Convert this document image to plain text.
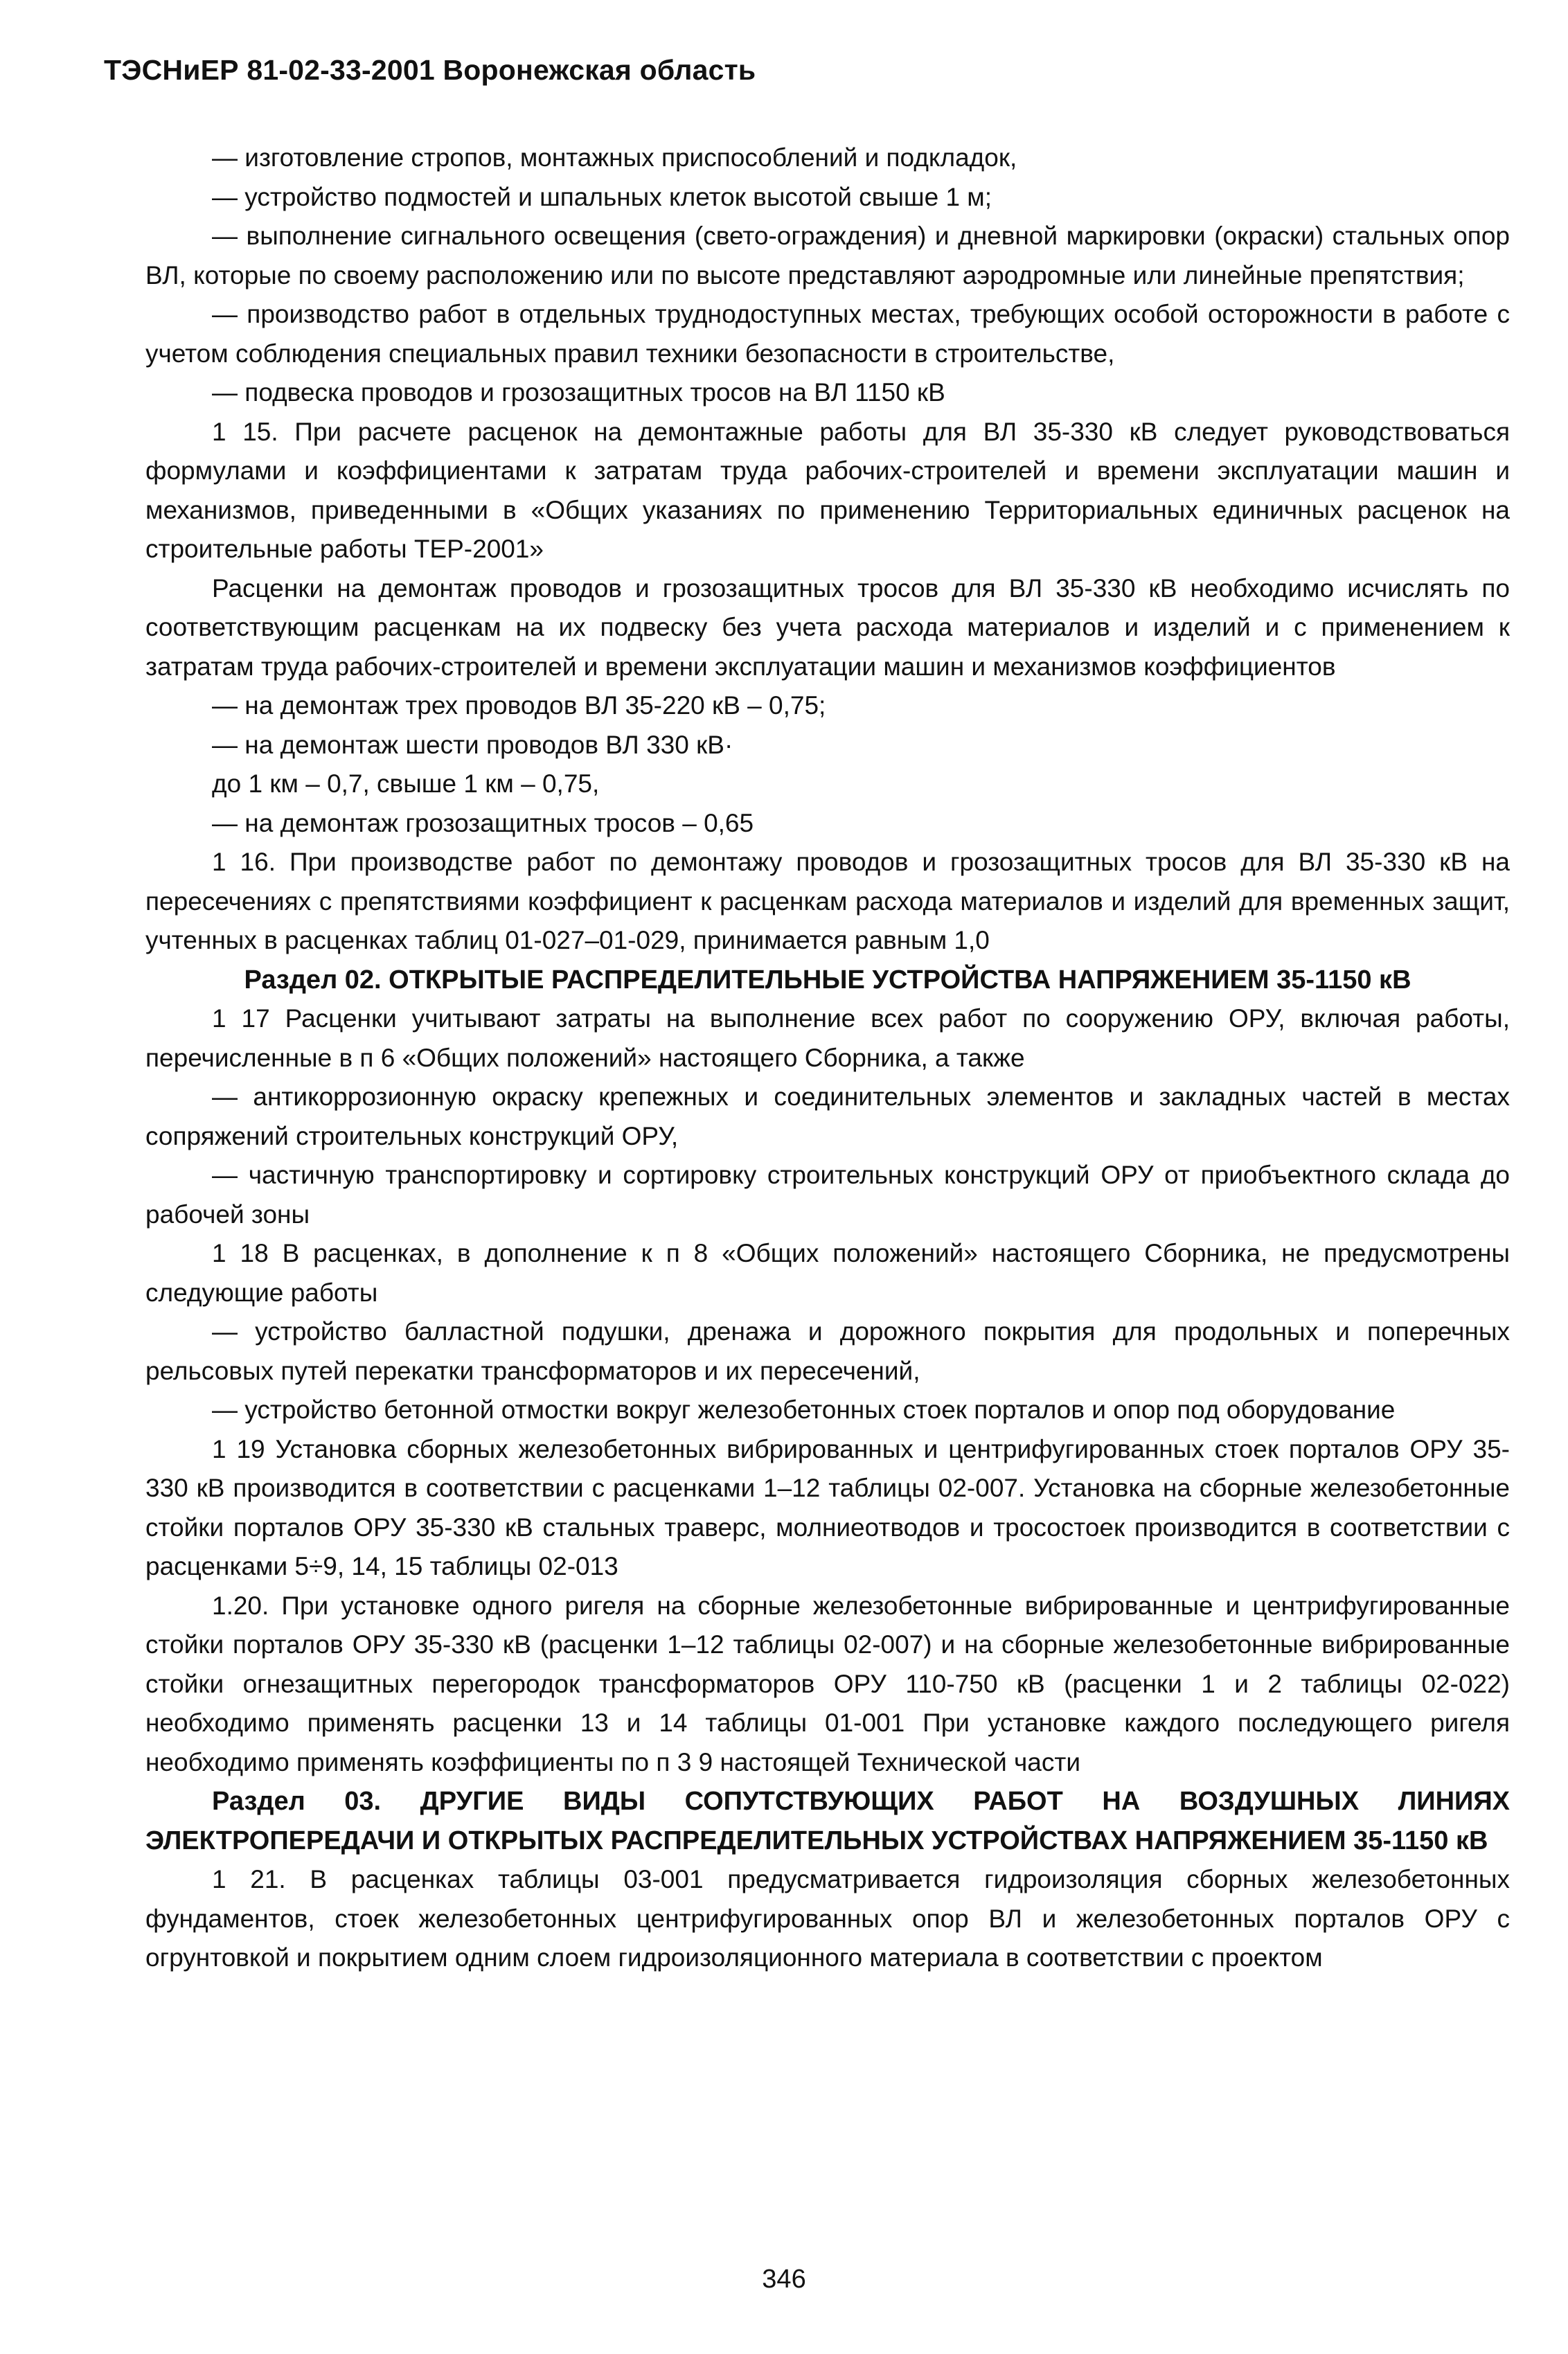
ТЭСНиЕР 81-02-33-2001 Воронежская область

— изготовление стропов, монтажных приспособлений и подкладок,

— устройство подмостей и шпальных клеток высотой свыше 1 м;

— выполнение сигнального освещения (свето-ограждения) и дневной маркировки (окраски) стальных опор ВЛ, которые по своему расположению или по высоте представляют аэродромные или линейные препятствия;

— производство работ в отдельных труднодоступных местах, требующих особой осторожности в работе с учетом соблюдения специальных правил техники безопасности в строительстве,

— подвеска проводов и грозозащитных тросов на ВЛ 1150 кВ

1 15. При расчете расценок на демонтажные работы для ВЛ 35-330 кВ следует руководствоваться формулами и коэффициентами к затратам труда рабочих-строителей и времени эксплуатации машин и механизмов, приведенными в «Общих указаниях по применению Территориальных единичных расценок на строительные работы ТЕР-2001»

Расценки на демонтаж проводов и грозозащитных тросов для ВЛ 35-330 кВ необходимо исчислять по соответствующим расценкам на их подвеску без учета расхода материалов и изделий и с применением к затратам труда рабочих-строителей и времени эксплуатации машин и механизмов коэффициентов

— на демонтаж трех проводов ВЛ 35-220 кВ – 0,75;

— на демонтаж шести проводов ВЛ 330 кВ·

до 1 км – 0,7, свыше 1 км – 0,75,

— на демонтаж грозозащитных тросов – 0,65

1 16. При производстве работ по демонтажу проводов и грозозащитных тросов для ВЛ 35-330 кВ на пересечениях с препятствиями коэффициент к расценкам расхода материалов и изделий для временных защит, учтенных в расценках таблиц 01-027–01-029, принимается равным 1,0

Раздел 02. ОТКРЫТЫЕ РАСПРЕДЕЛИТЕЛЬНЫЕ УСТРОЙСТВА НАПРЯЖЕНИЕМ 35-1150 кВ

1 17 Расценки учитывают затраты на выполнение всех работ по сооружению ОРУ, включая работы, перечисленные в п 6 «Общих положений» настоящего Сборника, а также

— антикоррозионную окраску крепежных и соединительных элементов и закладных частей в местах сопряжений строительных конструкций ОРУ,

— частичную транспортировку и сортировку строительных конструкций ОРУ от приобъектного склада до рабочей зоны

1 18 В расценках, в дополнение к п 8 «Общих положений» настоящего Сборника, не предусмотрены следующие работы

— устройство балластной подушки, дренажа и дорожного покрытия для продольных и поперечных рельсовых путей перекатки трансформаторов и их пересечений,

— устройство бетонной отмостки вокруг железобетонных стоек порталов и опор под оборудование

1 19 Установка сборных железобетонных вибрированных и центрифугированных стоек порталов ОРУ 35-330 кВ производится в соответствии с расценками 1–12 таблицы 02-007. Установка на сборные железобетонные стойки порталов ОРУ 35-330 кВ стальных траверс, молниеотводов и тросостоек производится в соответствии с расценками 5÷9, 14, 15 таблицы 02-013

1.20. При установке одного ригеля на сборные железобетонные вибрированные и центрифугированные стойки порталов ОРУ 35-330 кВ (расценки 1–12 таблицы 02-007) и на сборные железобетонные вибрированные стойки огнезащитных перегородок трансформаторов ОРУ 110-750 кВ (расценки 1 и 2 таблицы 02-022) необходимо применять расценки 13 и 14 таблицы 01-001 При установке каждого последующего ригеля необходимо применять коэффициенты по п 3 9 настоящей Технической части

Раздел 03. ДРУГИЕ ВИДЫ СОПУТСТВУЮЩИХ РАБОТ НА ВОЗДУШНЫХ ЛИНИЯХ ЭЛЕКТРОПЕРЕДАЧИ И ОТКРЫТЫХ РАСПРЕДЕЛИТЕЛЬНЫХ УСТРОЙСТВАХ НАПРЯЖЕНИЕМ 35-1150 кВ

1 21. В расценках таблицы 03-001 предусматривается гидроизоляция сборных железобетонных фундаментов, стоек железобетонных центрифугированных опор ВЛ и железобетонных порталов ОРУ с огрунтовкой и покрытием одним слоем гидроизоляционного материала в соответствии с проектом

346
